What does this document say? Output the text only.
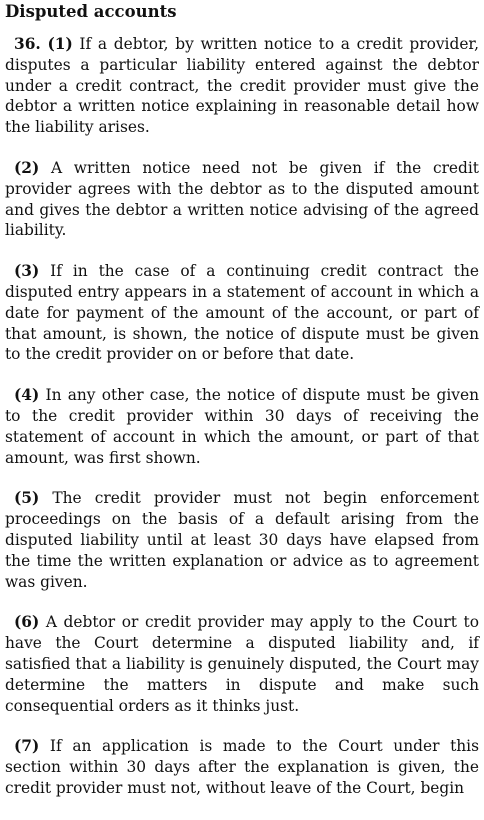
Disputed accounts

36. (1) If a debtor, by written notice to a credit provider, disputes a particular liability entered against the debtor under a credit contract, the credit provider must give the debtor a written notice explaining in reasonable detail how the liability arises.

(2) A written notice need not be given if the credit provider agrees with the debtor as to the disputed amount and gives the debtor a written notice advising of the agreed liability.

(3) If in the case of a continuing credit contract the disputed entry appears in a statement of account in which a date for payment of the amount of the account, or part of that amount, is shown, the notice of dispute must be given to the credit provider on or before that date.

(4) In any other case, the notice of dispute must be given to the credit provider within 30 days of receiving the statement of account in which the amount, or part of that amount, was first shown.

(5) The credit provider must not begin enforcement proceedings on the basis of a default arising from the disputed liability until at least 30 days have elapsed from the time the written explanation or advice as to agreement was given.

(6) A debtor or credit provider may apply to the Court to have the Court determine a disputed liability and, if satisfied that a liability is genuinely disputed, the Court may determine the matters in dispute and make such consequential orders as it thinks just.

(7) If an application is made to the Court under this section within 30 days after the explanation is given, the credit provider must not, without leave of the Court, begin
